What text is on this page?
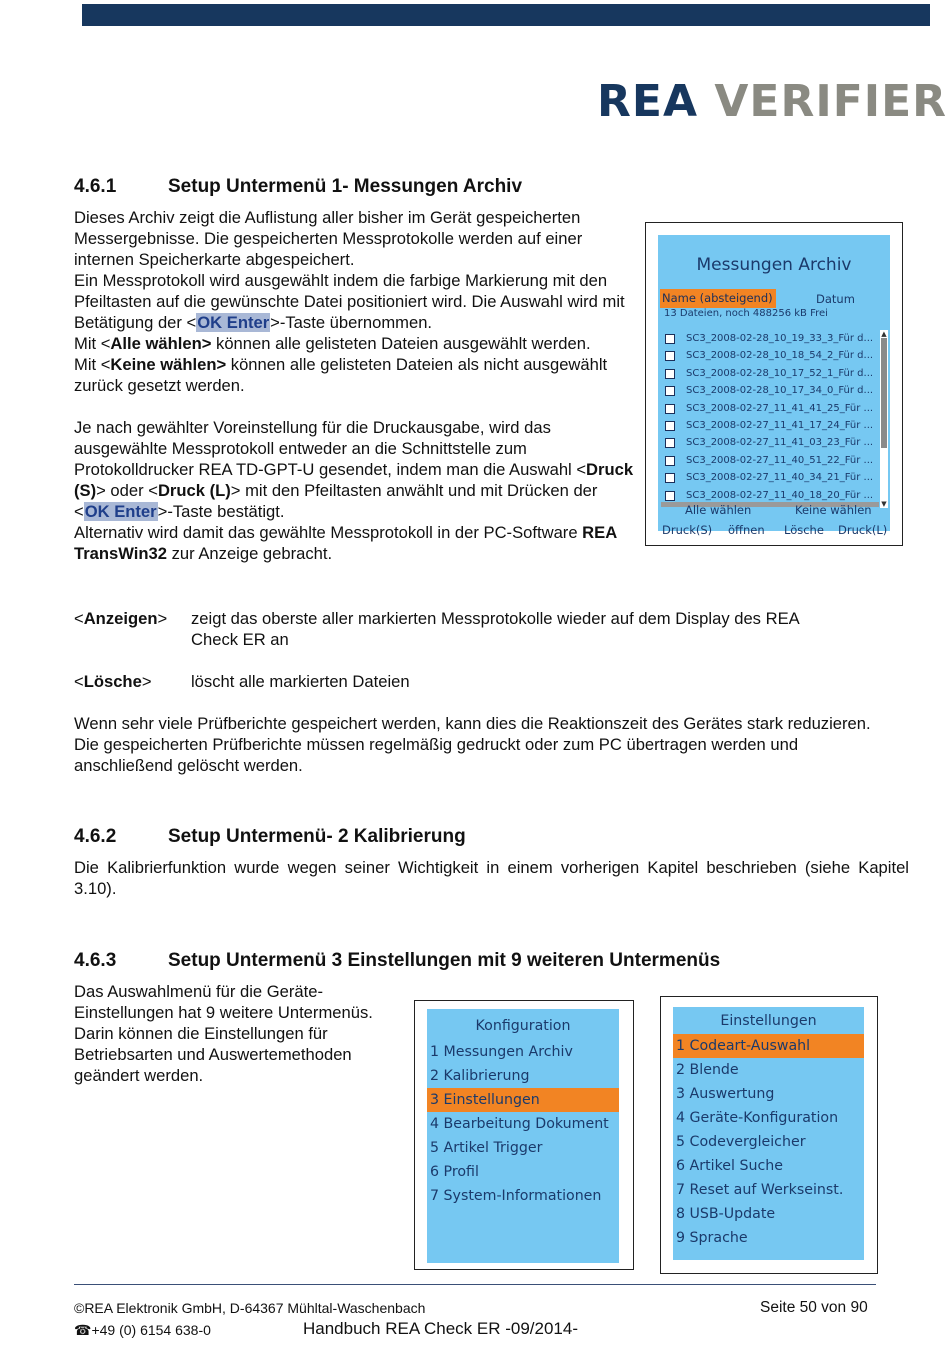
REA VERIFIER
4.6.1	Setup Untermenü 1- Messungen Archiv
Dieses Archiv zeigt die Auflistung aller bisher im Gerät gespeicherten Messergebnisse. Die gespeicherten Messprotokolle werden auf einer internen Speicherkarte abgespeichert.
Ein Messprotokoll wird ausgewählt indem die farbige Markierung mit den Pfeiltasten auf die gewünschte Datei positioniert wird. Die Auswahl wird mit Betätigung der <OK Enter>-Taste übernommen.
Mit <Alle wählen> können alle gelisteten Dateien ausgewählt werden.
Mit <Keine wählen> können alle gelisteten Dateien als nicht ausgewählt zurück gesetzt werden.
Je nach gewählter Voreinstellung für die Druckausgabe, wird das ausgewählte Messprotokoll entweder an die Schnittstelle zum Protokolldrucker REA TD-GPT-U gesendet, indem man die Auswahl <Druck (S)> oder <Druck (L)> mit den Pfeiltasten anwählt und mit Drücken der <OK Enter>-Taste bestätigt.
Alternativ wird damit das gewählte Messprotokoll in der PC-Software REA TransWin32 zur Anzeige gebracht.
Messungen Archiv
Name (absteigend)	Datum
13 Dateien, noch 488256 kB Frei
SC3_2008-02-28_10_19_33_3_Für d...
SC3_2008-02-28_10_18_54_2_Für d...
SC3_2008-02-28_10_17_52_1_Für d...
SC3_2008-02-28_10_17_34_0_Für d...
SC3_2008-02-27_11_41_41_25_Für ...
SC3_2008-02-27_11_41_17_24_Für ...
SC3_2008-02-27_11_41_03_23_Für ...
SC3_2008-02-27_11_40_51_22_Für ...
SC3_2008-02-27_11_40_34_21_Für ...
SC3_2008-02-27_11_40_18_20_Für ...
▲
▼
Alle wählen	Keine wählen
Druck(S) öffnen Lösche Druck(L)
<Anzeigen> zeigt das oberste aller markierten Messprotokolle wieder auf dem Display des REA Check ER an
<Lösche> löscht alle markierten Dateien
Wenn sehr viele Prüfberichte gespeichert werden, kann dies die Reaktionszeit des Gerätes stark reduzieren. Die gespeicherten Prüfberichte müssen regelmäßig gedruckt oder zum PC übertragen werden und anschließend gelöscht werden.
4.6.2	Setup Untermenü- 2 Kalibrierung
Die Kalibrierfunktion wurde wegen seiner Wichtigkeit in einem vorherigen Kapitel beschrieben (siehe Kapitel 3.10).
4.6.3	Setup Untermenü 3 Einstellungen mit 9 weiteren Untermenüs
Das Auswahlmenü für die Geräte-Einstellungen hat 9 weitere Untermenüs. Darin können die Einstellungen für Betriebsarten und Auswertemethoden geändert werden.
Konfiguration
1 Messungen Archiv
2 Kalibrierung
3 Einstellungen
4 Bearbeitung Dokument
5 Artikel Trigger
6 Profil
7 System-Informationen
Einstellungen
1 Codeart-Auswahl
2 Blende
3 Auswertung
4 Geräte-Konfiguration
5 Codevergleicher
6 Artikel Suche
7 Reset auf Werkseinst.
8 USB-Update
9 Sprache
©REA Elektronik GmbH, D-64367 Mühltal-Waschenbach	Seite 50 von 90
☎+49 (0) 6154 638-0	Handbuch REA Check ER -09/2014-
